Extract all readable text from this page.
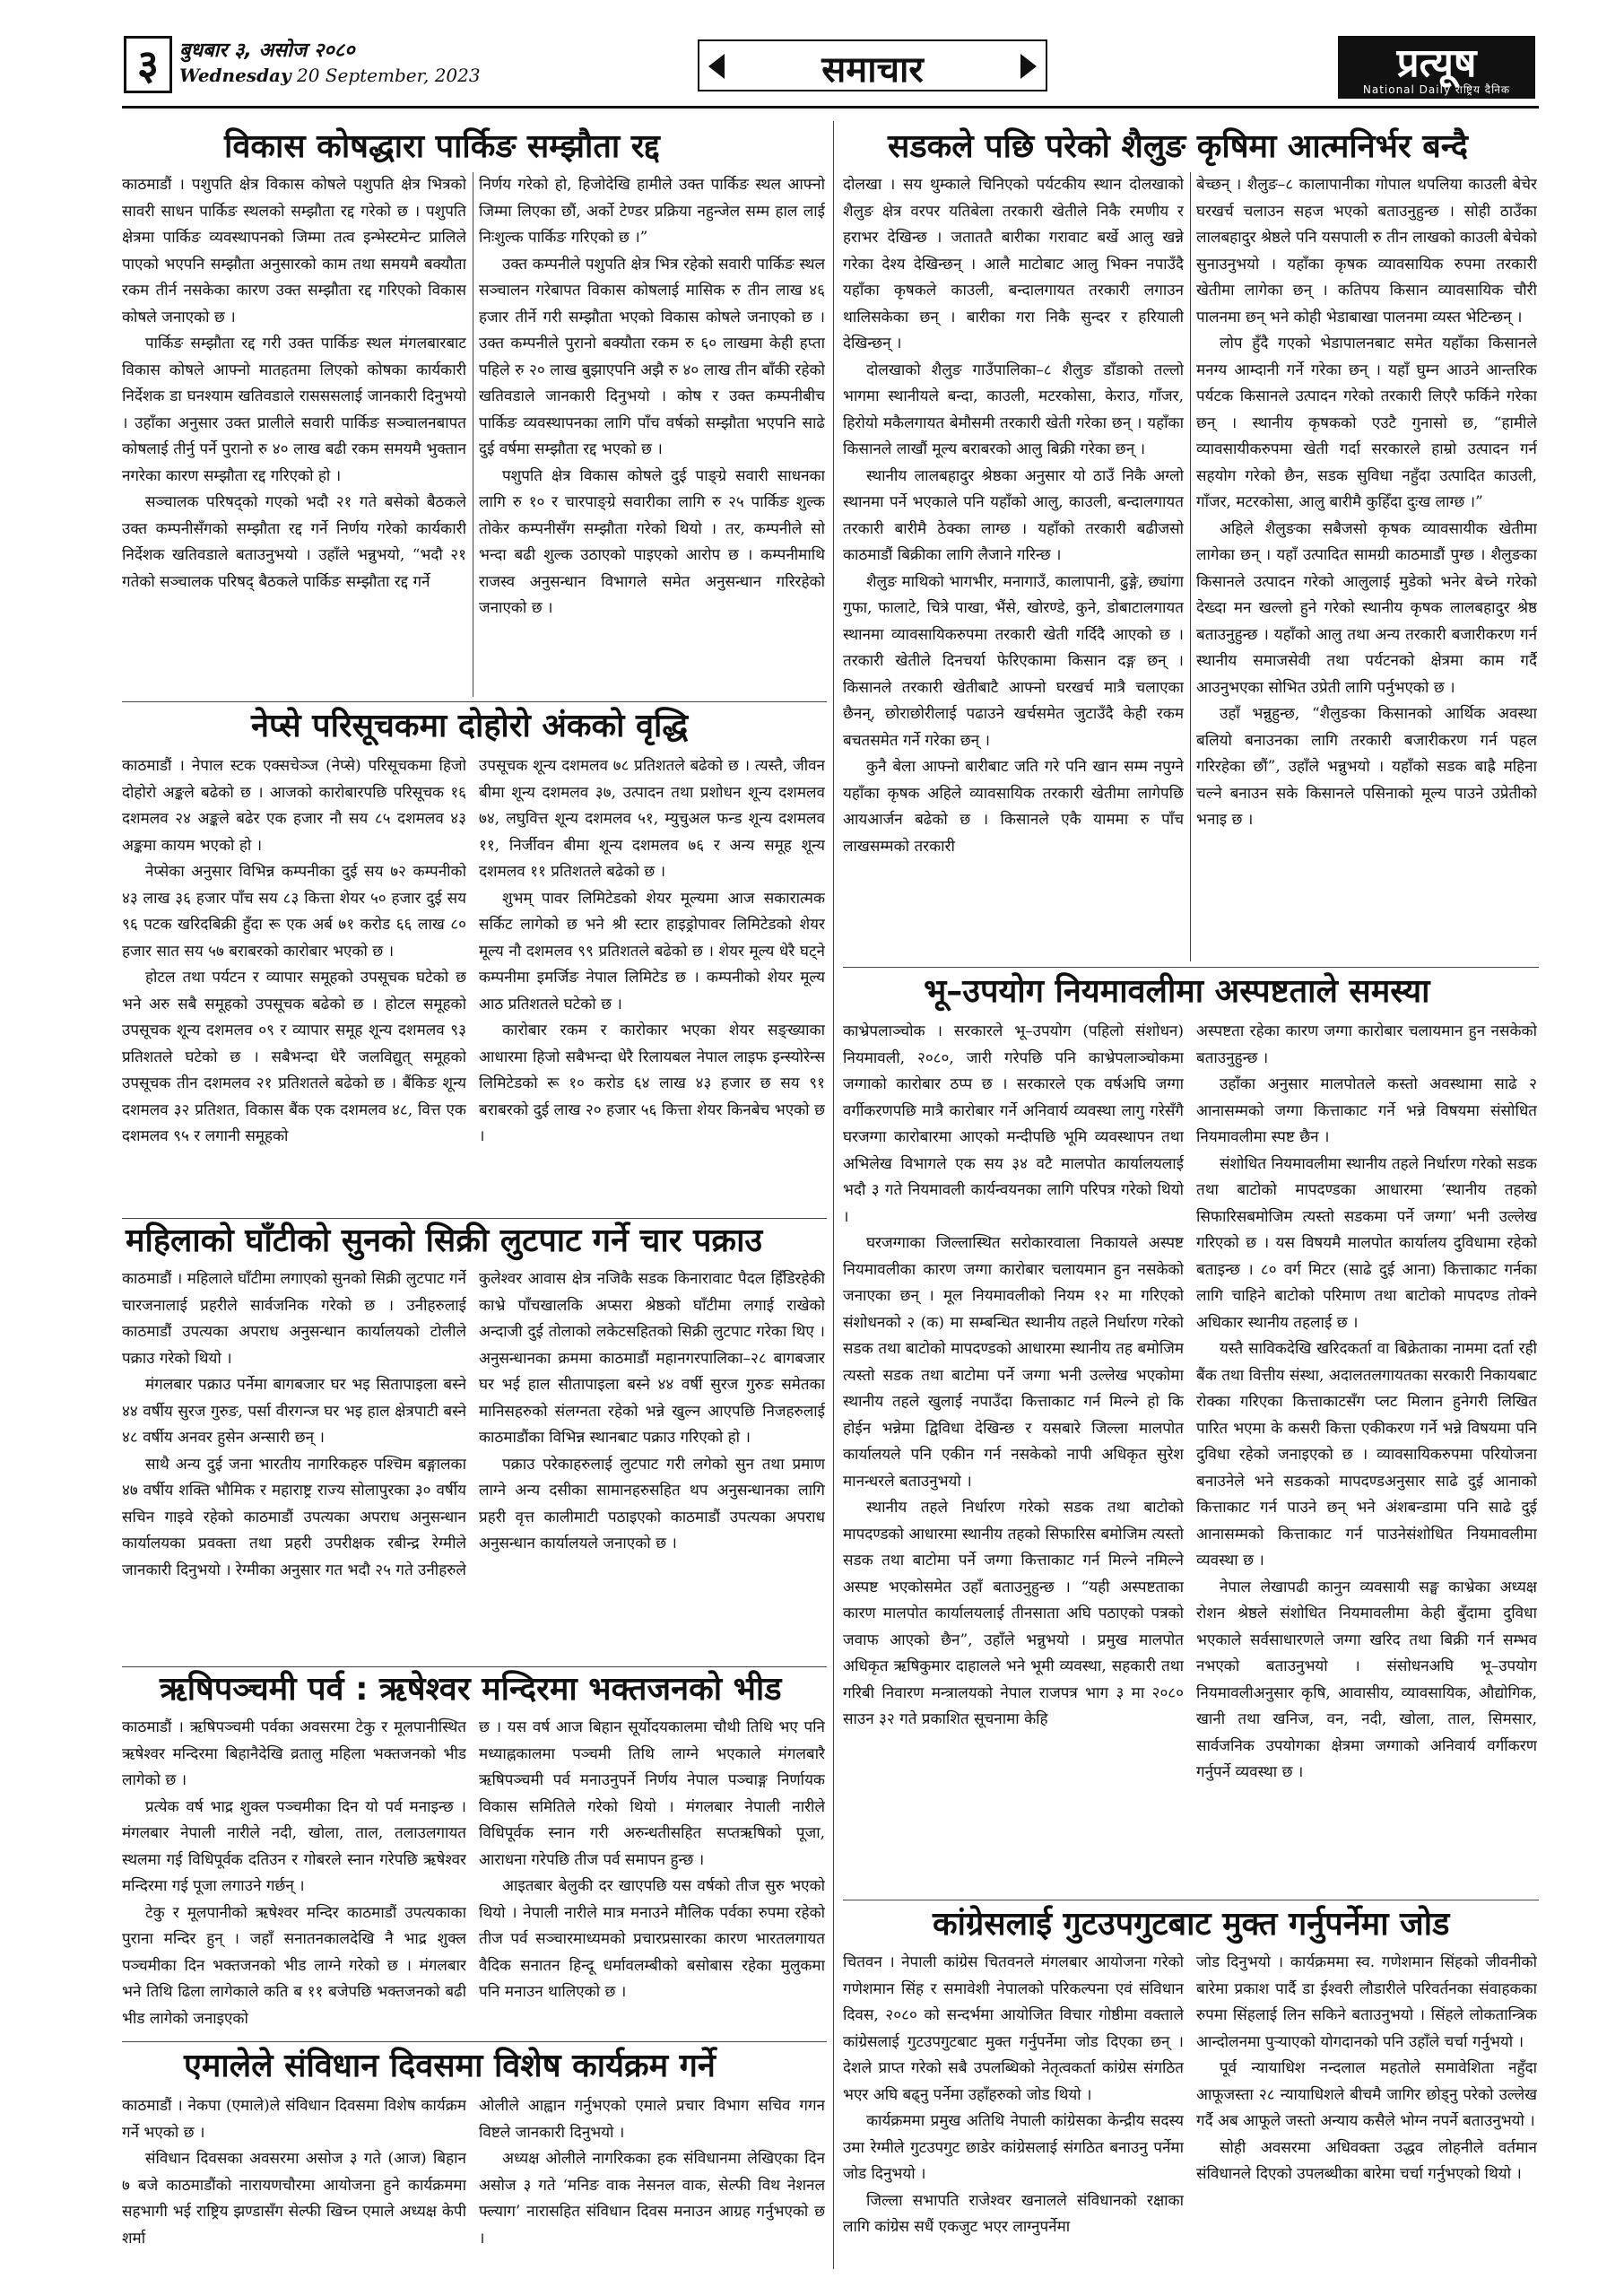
३	बुधबार ३, असोज २०८०
Wednesday 20 September, 2023	समाचार	प्रत्यूष
National Daily राष्ट्रिय दैनिक
विकास कोषद्धारा पार्किङ सम्झौता रद्द

काठमाडौं । पशुपति क्षेत्र विकास कोषले पशुपति क्षेत्र भित्रको सावरी साधन पार्किङ स्थलको सम्झौता रद्द गरेको छ । पशुपति क्षेत्रमा पार्किङ व्यवस्थापनको जिम्मा तत्व इन्भेस्टमेन्ट प्रालिले पाएको भएपनि सम्झौता अनुसारको काम तथा समयमै बक्यौता रकम तीर्न नसकेका कारण उक्त सम्झौता रद्द गरिएको विकास कोषले जनाएको छ ।

पार्किङ सम्झौता रद्द गरी उक्त पार्किङ स्थल मंगलबारबाट विकास कोषले आफ्नो मातहतमा लिएको कोषका कार्यकारी निर्देशक डा घनश्याम खतिवडाले रासससलाई जानकारी दिनुभयो । उहाँका अनुसार उक्त प्रालीले सवारी पार्किङ सञ्चालनबापत कोषलाई तीर्नु पर्ने पुरानो रु ४० लाख बढी रकम समयमै भुक्तान नगरेका कारण सम्झौता रद्द गरिएको हो ।

सञ्चालक परिषद्को गएको भदौ २१ गते बसेको बैठकले उक्त कम्पनीसँगको सम्झौता रद्द गर्ने निर्णय गरेको कार्यकारी निर्देशक खतिवडाले बताउनुभयो । उहाँले भन्नुभयो, “भदौ २१ गतेको सञ्चालक परिषद् बैठकले पार्किङ सम्झौता रद्द गर्ने

निर्णय गरेको हो, हिजोदेखि हामीले उक्त पार्किङ स्थल आफ्नो जिम्मा लिएका छौं, अर्को टेण्डर प्रक्रिया नहुन्जेल सम्म हाल लाई निःशुल्क पार्किङ गरिएको छ ।”

उक्त कम्पनीले पशुपति क्षेत्र भित्र रहेको सवारी पार्किङ स्थल सञ्चालन गरेबापत विकास कोषलाई मासिक रु तीन लाख ४६ हजार तीर्ने गरी सम्झौता भएको विकास कोषले जनाएको छ । उक्त कम्पनीले पुरानो बक्यौता रकम रु ६० लाखमा केही हप्ता पहिले रु २० लाख बुझाएपनि अझै रु ४० लाख तीन बाँकी रहेको खतिवडाले जानकारी दिनुभयो । कोष र उक्त कम्पनीबीच पार्किङ व्यवस्थापनका लागि पाँच वर्षको सम्झौता भएपनि साढे दुई वर्षमा सम्झौता रद्द भएको छ ।

पशुपति क्षेत्र विकास कोषले दुई पाङ्ग्रे सवारी साधनका लागि रु १० र चारपाङ्ग्रे सवारीका लागि रु २५ पार्किङ शुल्क तोकेर कम्पनीसँग सम्झौता गरेको थियो । तर, कम्पनीले सो भन्दा बढी शुल्क उठाएको पाइएको आरोप छ । कम्पनीमाथि राजस्व अनुसन्धान विभागले समेत अनुसन्धान गरिरहेको जनाएको छ ।

सडकले पछि परेको शैलुङ कृषिमा आत्मनिर्भर बन्दै

दोलखा । सय थुम्काले चिनिएको पर्यटकीय स्थान दोलखाको शैलुङ क्षेत्र वरपर यतिबेला तरकारी खेतीले निकै रमणीय र हराभर देखिन्छ । जताततै बारीका गरावाट बर्खे आलु खन्ने गरेका देश्य देखिन्छन् । आलै माटोबाट आलु भिक्न नपाउँदै यहाँका कृषकले काउली, बन्दालगायत तरकारी लगाउन थालिसकेका छन् । बारीका गरा निकै सुन्दर र हरियाली देखिन्छन् ।

दोलखाको शैलुङ गाउँपालिका–८ शैलुङ डाँडाको तल्लो भागमा स्थानीयले बन्दा, काउली, मटरकोसा, केराउ, गाँजर, हिरोयो मकैलगायत बेमौसमी तरकारी खेती गरेका छन् । यहाँका किसानले लाखौं मूल्य बराबरको आलु बिक्री गरेका छन् ।

स्थानीय लालबहादुर श्रेष्ठका अनुसार यो ठाउँ निकै अग्लो स्थानमा पर्ने भएकाले पनि यहाँको आलु, काउली, बन्दालगायत तरकारी बारीमै ठेक्का लाग्छ । यहाँको तरकारी बढीजसो काठमाडौं बिक्रीका लागि लैजाने गरिन्छ ।

शैलुङ माथिको भागभीर, मनागाउँ, कालापानी, ढुङ्गे, छ्यांगा गुफा, फालाटे, चित्रे पाखा, भैंसे, खोरण्डे, कुने, डोबाटालगायत स्थानमा व्यावसायिकरुपमा तरकारी खेती गर्दिदै आएको छ । तरकारी खेतीले दिनचर्या फेरिएकामा किसान दङ्ग छन् । किसानले तरकारी खेतीबाटै आफ्नो घरखर्च मात्रै चलाएका छैनन्, छोराछोरीलाई पढाउने खर्चसमेत जुटाउँदै केही रकम बचतसमेत गर्ने गरेका छन् ।

कुनै बेला आफ्नो बारीबाट जति गरे पनि खान सम्म नपुग्ने यहाँका कृषक अहिले व्यावसायिक तरकारी खेतीमा लागेपछि आयआर्जन बढेको छ । किसानले एकै याममा रु पाँच लाखसम्मको तरकारी

बेच्छन् । शैलुङ–८ कालापानीका गोपाल थपलिया काउली बेचेर घरखर्च चलाउन सहज भएको बताउनुहुन्छ । सोही ठाउँका लालबहादुर श्रेष्ठले पनि यसपाली रु तीन लाखको काउली बेचेको सुनाउनुभयो । यहाँका कृषक व्यावसायिक रुपमा तरकारी खेतीमा लागेका छन् । कतिपय किसान व्यावसायिक चौरी पालनमा छन् भने कोही भेडाबाखा पालनमा व्यस्त भेटिन्छन् ।

लोप हुँदै गएको भेडापालनबाट समेत यहाँका किसानले मनग्य आम्दानी गर्ने गरेका छन् । यहाँ घुम्न आउने आन्तरिक पर्यटक किसानले उत्पादन गरेको तरकारी लिएरै फर्किने गरेका छन् । स्थानीय कृषकको एउटै गुनासो छ, “हामीले व्यावसायीकरुपमा खेती गर्दा सरकारले हाम्रो उत्पादन गर्न सहयोग गरेको छैन, सडक सुविधा नहुँदा उत्पादित काउली, गाँजर, मटरकोसा, आलु बारीमै कुहिँदा दुःख लाग्छ ।”

अहिले शैलुङका सबैजसो कृषक व्यावसायीक खेतीमा लागेका छन् । यहाँ उत्पादित सामग्री काठमाडौं पुग्छ । शैलुङका किसानले उत्पादन गरेको आलुलाई मुडेको भनेर बेच्ने गरेको देख्दा मन खल्लो हुने गरेको स्थानीय कृषक लालबहादुर श्रेष्ठ बताउनुहुन्छ । यहाँको आलु तथा अन्य तरकारी बजारीकरण गर्न स्थानीय समाजसेवी तथा पर्यटनको क्षेत्रमा काम गर्दै आउनुभएका सोभित उप्रेती लागि पर्नुभएको छ ।

उहाँ भन्नुहुन्छ, “शैलुङका किसानको आर्थिक अवस्था बलियो बनाउनका लागि तरकारी बजारीकरण गर्न पहल गरिरहेका छौं”, उहाँले भन्नुभयो । यहाँको सडक बाह्रै महिना चल्ने बनाउन सके किसानले पसिनाको मूल्य पाउने उप्रेतीको भनाइ छ ।

नेप्से परिसूचकमा दोहोरो अंकको वृद्धि

काठमाडौं । नेपाल स्टक एक्सचेञ्ज (नेप्से) परिसूचकमा हिजो दोहोरो अङ्कले बढेको छ । आजको कारोबारपछि परिसूचक १६ दशमलव २४ अङ्कले बढेर एक हजार नौ सय ८५ दशमलव ४३ अङ्कमा कायम भएको हो ।

नेप्सेका अनुसार विभिन्न कम्पनीका दुई सय ७२ कम्पनीको ४३ लाख ३६ हजार पाँच सय ८३ कित्ता शेयर ५० हजार दुई सय ९६ पटक खरिदबिक्री हुँदा रू एक अर्ब ७१ करोड ६६ लाख ८० हजार सात सय ५७ बराबरको कारोबार भएको छ ।

होटल तथा पर्यटन र व्यापार समूहको उपसूचक घटेको छ भने अरु सबै समूहको उपसूचक बढेको छ । होटल समूहको उपसूचक शून्य दशमलव ०९ र व्यापार समूह शून्य दशमलव ९३ प्रतिशतले घटेको छ । सबैभन्दा धेरै जलविद्युत् समूहको उपसूचक तीन दशमलव २१ प्रतिशतले बढेको छ । बैंकिङ शून्य दशमलव ३२ प्रतिशत, विकास बैंक एक दशमलव ४८, वित्त एक दशमलव ९५ र लगानी समूहको

उपसूचक शून्य दशमलव ७८ प्रतिशतले बढेको छ । त्यस्तै, जीवन बीमा शून्य दशमलव ३७, उत्पादन तथा प्रशोधन शून्य दशमलव ७४, लघुवित्त शून्य दशमलव ५१, म्युचुअल फन्ड शून्य दशमलव ११, निर्जीवन बीमा शून्य दशमलव ७६ र अन्य समूह शून्य दशमलव ११ प्रतिशतले बढेको छ ।

शुभम् पावर लिमिटेडको शेयर मूल्यमा आज सकारात्मक सर्किट लागेको छ भने श्री स्टार हाइड्रोपावर लिमिटेडको शेयर मूल्य नौ दशमलव ९९ प्रतिशतले बढेको छ । शेयर मूल्य धेरै घट्ने कम्पनीमा इमर्जिङ नेपाल लिमिटेड छ । कम्पनीको शेयर मूल्य आठ प्रतिशतले घटेको छ ।

कारोबार रकम र कारोकार भएका शेयर सङ्ख्याका आधारमा हिजो सबैभन्दा धेरै रिलायबल नेपाल लाइफ इन्स्योरेन्स लिमिटेडको रू १० करोड ६४ लाख ४३ हजार छ सय ९१ बराबरको दुई लाख २० हजार ५६ कित्ता शेयर किनबेच भएको छ ।

भू–उपयोग नियमावलीमा अस्पष्टताले समस्या

काभ्रेपलाञ्चोक । सरकारले भू–उपयोग (पहिलो संशोधन) नियमावली, २०८०, जारी गरेपछि पनि काभ्रेपलाञ्चोकमा जग्गाको कारोबार ठप्प छ । सरकारले एक वर्षअघि जग्गा वर्गीकरणपछि मात्रै कारोबार गर्ने अनिवार्य व्यवस्था लागु गरेसँगै घरजग्गा कारोबारमा आएको मन्दीपछि भूमि व्यवस्थापन तथा अभिलेख विभागले एक सय ३४ वटै मालपोत कार्यालयलाई भदौ ३ गते नियमावली कार्यन्वयनका लागि परिपत्र गरेको थियो ।

घरजग्गाका जिल्लास्थित सरोकारवाला निकायले अस्पष्ट नियमावलीका कारण जग्गा कारोबार चलायमान हुन नसकेको जनाएका छन् । मूल नियमावलीको नियम १२ मा गरिएको संशोधनको २ (क) मा सम्बन्धित स्थानीय तहले निर्धारण गरेको सडक तथा बाटोको मापदण्डको आधारमा स्थानीय तह बमोजिम त्यस्तो सडक तथा बाटोमा पर्ने जग्गा भनी उल्लेख भएकोमा स्थानीय तहले खुलाई नपाउँदा कित्ताकाट गर्न मिल्ने हो कि होईन भन्नेमा द्विविधा देखिन्छ र यसबारे जिल्ला मालपोत कार्यालयले पनि एकीन गर्न नसकेको नापी अधिकृत सुरेश मानन्धरले बताउनुभयो ।

स्थानीय तहले निर्धारण गरेको सडक तथा बाटोको मापदण्डको आधारमा स्थानीय तहको सिफारिस बमोजिम त्यस्तो सडक तथा बाटोमा पर्ने जग्गा कित्ताकाट गर्न मिल्ने नमिल्ने अस्पष्ट भएकोसमेत उहाँ बताउनुहुन्छ । “यही अस्पष्टताका कारण मालपोत कार्यालयलाई तीनसाता अघि पठाएको पत्रको जवाफ आएको छैन”, उहाँले भन्नुभयो । प्रमुख मालपोत अधिकृत ऋषिकुमार दाहालले भने भूमी व्यवस्था, सहकारी तथा गरिबी निवारण मन्त्रालयको नेपाल राजपत्र भाग ३ मा २०८० साउन ३२ गते प्रकाशित सूचनामा केहि

अस्पष्टता रहेका कारण जग्गा कारोबार चलायमान हुन नसकेको बताउनुहुन्छ ।

उहाँका अनुसार मालपोतले कस्तो अवस्थामा साढे २ आनासम्मको जग्गा कित्ताकाट गर्ने भन्ने विषयमा संसोधित नियमावलीमा स्पष्ट छैन ।

संशोधित नियमावलीमा स्थानीय तहले निर्धारण गरेको सडक तथा बाटोको मापदण्डका आधारमा ‘स्थानीय तहको सिफारिसबमोजिम त्यस्तो सडकमा पर्ने जग्गा’ भनी उल्लेख गरिएको छ । यस विषयमै मालपोत कार्यालय दुविधामा रहेको बताइन्छ । ८० वर्ग मिटर (साढे दुई आना) कित्ताकाट गर्नका लागि चाहिने बाटोको परिमाण तथा बाटोको मापदण्ड तोक्ने अधिकार स्थानीय तहलाई छ ।

यस्तै साविकदेखि खरिदकर्ता वा बिक्रेताका नाममा दर्ता रही बैंक तथा वित्तीय संस्था, अदालतलगायतका सरकारी निकायबाट रोक्का गरिएका कित्ताकाटसँग प्लट मिलान हुनेगरी लिखित पारित भएमा के कसरी कित्ता एकीकरण गर्ने भन्ने विषयमा पनि दुविधा रहेको जनाइएको छ । व्यावसायिकरुपमा परियोजना बनाउनेले भने सडकको मापदण्डअनुसार साढे दुई आनाको कित्ताकाट गर्न पाउने छन् भने अंशबन्डामा पनि साढे दुई आनासम्मको कित्ताकाट गर्न पाउनेसंशोधित नियमावलीमा व्यवस्था छ ।

नेपाल लेखापढी कानुन व्यवसायी सङ्घ काभ्रेका अध्यक्ष रोशन श्रेष्ठले संशोधित नियमावलीमा केही बुँदामा दुविधा भएकाले सर्वसाधारणले जग्गा खरिद तथा बिक्री गर्न सम्भव नभएको बताउनुभयो । संसोधनअघि भू–उपयोग नियमावलीअनुसार कृषि, आवासीय, व्यावसायिक, औद्योगिक, खानी तथा खनिज, वन, नदी, खोला, ताल, सिमसार, सार्वजनिक उपयोगका क्षेत्रमा जग्गाको अनिवार्य वर्गीकरण गर्नुपर्ने व्यवस्था छ ।

महिलाको घाँटीको सुनको सिक्री लुटपाट गर्ने चार पक्राउ

काठमाडौं । महिलाले घाँटीमा लगाएको सुनको सिक्री लुटपाट गर्ने चारजनालाई प्रहरीले सार्वजनिक गरेको छ । उनीहरुलाई काठमाडौं उपत्यका अपराध अनुसन्धान कार्यालयको टोलीले पक्राउ गरेको थियो ।

मंगलबार पक्राउ पर्नेमा बागबजार घर भइ सितापाइला बस्ने ४४ वर्षीय सुरज गुरुङ, पर्सा वीरगन्ज घर भइ हाल क्षेत्रपाटी बस्ने ४८ वर्षीय अनवर हुसेन अन्सारी छन् ।

साथै अन्य दुई जना भारतीय नागरिकहरु पश्चिम बङ्गालका ४७ वर्षीय शक्ति भौमिक र महाराष्ट्र राज्य सोलापुरका ३० वर्षीय सचिन गाइवे रहेको काठमाडौं उपत्यका अपराध अनुसन्धान कार्यालयका प्रवक्ता तथा प्रहरी उपरीक्षक रबीन्द्र रेग्मीले जानकारी दिनुभयो । रेग्मीका अनुसार गत भदौ २५ गते उनीहरुले

कुलेश्वर आवास क्षेत्र नजिकै सडक किनारावाट पैदल हिँडिरहेकी काभ्रे पाँचखालकि अप्सरा श्रेष्ठको घाँटीमा लगाई राखेको अन्दाजी दुई तोलाको लकेटसहितको सिक्री लुटपाट गरेका थिए । अनुसन्धानका क्रममा काठमाडौं महानगरपालिका–२८ बागबजार घर भई हाल सीतापाइला बस्ने ४४ वर्षी सुरज गुरुङ समेतका मानिसहरुको संलग्नता रहेको भन्ने खुल्न आएपछि निजहरुलाई काठमाडौंका विभिन्न स्थानबाट पक्राउ गरिएको हो ।

पक्राउ परेकाहरुलाई लुटपाट गरी लगेको सुन तथा प्रमाण लाग्ने अन्य दसीका सामानहरुसहित थप अनुसन्धानका लागि प्रहरी वृत्त कालीमाटी पठाइएको काठमाडौं उपत्यका अपराध अनुसन्धान कार्यालयले जनाएको छ ।

ऋषिपञ्चमी पर्व : ऋषेश्वर मन्दिरमा भक्तजनको भीड

काठमाडौं । ऋषिपञ्चमी पर्वका अवसरमा टेकु र मूलपानीस्थित ऋषेश्वर मन्दिरमा बिहानैदेखि व्रतालु महिला भक्तजनको भीड लागेको छ ।

प्रत्येक वर्ष भाद्र शुक्ल पञ्चमीका दिन यो पर्व मनाइन्छ । मंगलबार नेपाली नारीले नदी, खोला, ताल, तलाउलगायत स्थलमा गई विधिपूर्वक दतिउन र गोबरले स्नान गरेपछि ऋषेश्वर मन्दिरमा गई पूजा लगाउने गर्छन् ।

टेकु र मूलपानीको ऋषेश्वर मन्दिर काठमाडौं उपत्यकाका पुराना मन्दिर हुन् । जहाँ सनातनकालदेखि नै भाद्र शुक्ल पञ्चमीका दिन भक्तजनको भीड लाग्ने गरेको छ । मंगलबार भने तिथि ढिला लागेकाले कति ब ११ बजेपछि भक्तजनको बढी भीड लागेको जनाइएको

छ । यस वर्ष आज बिहान सूर्योदयकालमा चौथी तिथि भए पनि मध्याह्नकालमा पञ्चमी तिथि लाग्ने भएकाले मंगलबारै ऋषिपञ्चमी पर्व मनाउनुपर्ने निर्णय नेपाल पञ्चाङ्ग निर्णायक विकास समितिले गरेको थियो । मंगलबार नेपाली नारीले विधिपूर्वक स्नान गरी अरुन्धतीसहित सप्तऋषिको पूजा, आराधना गरेपछि तीज पर्व समापन हुन्छ ।

आइतबार बेलुकी दर खाएपछि यस वर्षको तीज सुरु भएको थियो । नेपाली नारीले मात्र मनाउने मौलिक पर्वका रुपमा रहेको तीज पर्व सञ्चारमाध्यमको प्रचारप्रसारका कारण भारतलगायत वैदिक सनातन हिन्दू धर्मावलम्बीको बसोबास रहेका मुलुकमा पनि मनाउन थालिएको छ ।

कांग्रेसलाई गुटउपगुटबाट मुक्त गर्नुपर्नेमा जोड

चितवन । नेपाली कांग्रेस चितवनले मंगलबार आयोजना गरेको गणेशमान सिंह र समावेशी नेपालको परिकल्पना एवं संविधान दिवस, २०८० को सन्दर्भमा आयोजित विचार गोष्ठीमा वक्ताले कांग्रेसलाई गुटउपगुटबाट मुक्त गर्नुपर्नेमा जोड दिएका छन् । देशले प्राप्त गरेको सबै उपलब्धिको नेतृत्वकर्ता कांग्रेस संगठित भएर अघि बढ्नु पर्नेमा उहाँहरुको जोड थियो ।

कार्यक्रममा प्रमुख अतिथि नेपाली कांग्रेसका केन्द्रीय सदस्य उमा रेग्मीले गुटउपगुट छाडेर कांग्रेसलाई संगठित बनाउनु पर्नेमा जोड दिनुभयो ।

जिल्ला सभापति राजेश्वर खनालले संविधानको रक्षाका लागि कांग्रेस सधैं एकजुट भएर लाग्नुपर्नेमा

जोड दिनुभयो । कार्यक्रममा स्व. गणेशमान सिंहको जीवनीको बारेमा प्रकाश पार्दै डा ईश्वरी लौडारीले परिवर्तनका संवाहकका रुपमा सिंहलाई लिन सकिने बताउनुभयो । सिंहले लोकतान्त्रिक आन्दोलनमा पुऱ्याएको योगदानको पनि उहाँले चर्चा गर्नुभयो ।

पूर्व न्यायाधिश नन्दलाल महतोले समावेशिता नहुँदा आफूजस्ता २८ न्यायाधिशले बीचमै जागिर छोड्नु परेको उल्लेख गर्दै अब आफूले जस्तो अन्याय कसैले भोग्न नपर्ने बताउनुभयो ।

सोही अवसरमा अधिवक्ता उद्धव लोहनीले वर्तमान संविधानले दिएको उपलब्धीका बारेमा चर्चा गर्नुभएको थियो ।

एमालेले संविधान दिवसमा विशेष कार्यक्रम गर्ने

काठमाडौं । नेकपा (एमाले)ले संविधान दिवसमा विशेष कार्यक्रम गर्ने भएको छ ।

संविधान दिवसका अवसरमा असोज ३ गते (आज) बिहान ७ बजे काठमाडौंको नारायणचौरमा आयोजना हुने कार्यक्रममा सहभागी भई राष्ट्रिय झण्डासँग सेल्फी खिच्न एमाले अध्यक्ष केपी शर्मा

ओलीले आह्वान गर्नुभएको एमाले प्रचार विभाग सचिव गगन विष्टले जानकारी दिनुभयो ।

अध्यक्ष ओलीले नागरिकका हक संविधानमा लेखिएका दिन असोज ३ गते ‘मनिङ वाक नेसनल वाक, सेल्फी विथ नेशनल फ्ल्याग’ नारासहित संविधान दिवस मनाउन आग्रह गर्नुभएको छ ।
